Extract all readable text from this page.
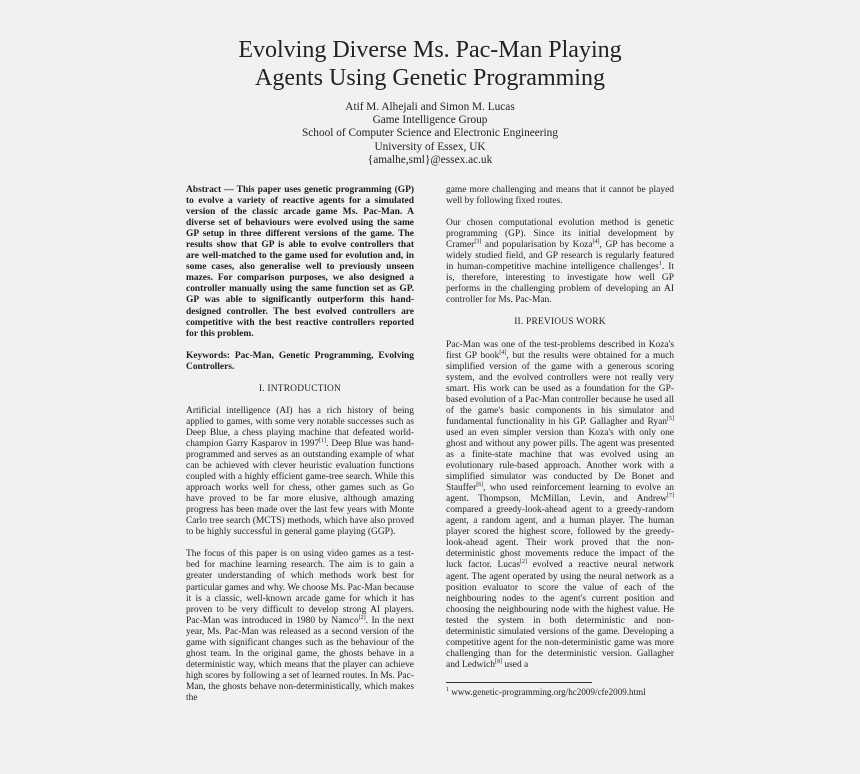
Evolving Diverse Ms. Pac-Man Playing
Agents Using Genetic Programming
Atif M. Alhejali and Simon M. Lucas
Game Intelligence Group
School of Computer Science and Electronic Engineering
University of Essex, UK
{amalhe,sml}@essex.ac.uk

Abstract — This paper uses genetic programming (GP) to evolve a variety of reactive agents for a simulated version of the classic arcade game Ms. Pac-Man. A diverse set of behaviours were evolved using the same GP setup in three different versions of the game. The results show that GP is able to evolve controllers that are well-matched to the game used for evolution and, in some cases, also generalise well to previously unseen mazes. For comparison purposes, we also designed a controller manually using the same function set as GP. GP was able to significantly outperform this hand-designed controller. The best evolved controllers are competitive with the best reactive controllers reported for this problem.

Keywords: Pac-Man, Genetic Programming, Evolving Controllers.

I. INTRODUCTION

Artificial intelligence (AI) has a rich history of being applied to games, with some very notable successes such as Deep Blue, a chess playing machine that defeated world-champion Garry Kasparov in 1997[1]. Deep Blue was hand-programmed and serves as an outstanding example of what can be achieved with clever heuristic evaluation functions coupled with a highly efficient game-tree search. While this approach works well for chess, other games such as Go have proved to be far more elusive, although amazing progress has been made over the last few years with Monte Carlo tree search (MCTS) methods, which have also proved to be highly successful in general game playing (GGP).

The focus of this paper is on using video games as a test-bed for machine learning research. The aim is to gain a greater understanding of which methods work best for particular games and why. We choose Ms. Pac-Man because it is a classic, well-known arcade game for which it has proven to be very difficult to develop strong AI players. Pac-Man was introduced in 1980 by Namco[2]. In the next year, Ms. Pac-Man was released as a second version of the game with significant changes such as the behaviour of the ghost team. In the original game, the ghosts behave in a deterministic way, which means that the player can achieve high scores by following a set of learned routes. In Ms. Pac-Man, the ghosts behave non-deterministically, which makes the

game more challenging and means that it cannot be played well by following fixed routes.

Our chosen computational evolution method is genetic programming (GP). Since its initial development by Cramer[3] and popularisation by Koza[4], GP has become a widely studied field, and GP research is regularly featured in human-competitive machine intelligence challenges$^1$. It is, therefore, interesting to investigate how well GP performs in the challenging problem of developing an AI controller for Ms. Pac-Man.

II. PREVIOUS WORK

Pac-Man was one of the test-problems described in Koza's first GP book[4], but the results were obtained for a much simplified version of the game with a generous scoring system, and the evolved controllers were not really very smart. His work can be used as a foundation for the GP-based evolution of a Pac-Man controller because he used all of the game's basic components in his simulator and fundamental functionality in his GP. Gallagher and Ryan[5] used an even simpler version than Koza's with only one ghost and without any power pills. The agent was presented as a finite-state machine that was evolved using an evolutionary rule-based approach. Another work with a simplified simulator was conducted by De Bonet and Stauffer[6], who used reinforcement learning to evolve an agent. Thompson, McMillan, Levin, and Andrew[7] compared a greedy-look-ahead agent to a greedy-random agent, a random agent, and a human player. The human player scored the highest score, followed by the greedy-look-ahead agent. Their work proved that the non-deterministic ghost movements reduce the impact of the luck factor. Lucas[2] evolved a reactive neural network agent. The agent operated by using the neural network as a position evaluator to score the value of each of the neighbouring nodes to the agent's current position and choosing the neighbouring node with the highest value. He tested the system in both deterministic and non-deterministic simulated versions of the game. Developing a competitive agent for the non-deterministic game was more challenging than for the deterministic version. Gallagher and Ledwich[8] used a

$^1$ www.genetic-programming.org/hc2009/cfe2009.html
